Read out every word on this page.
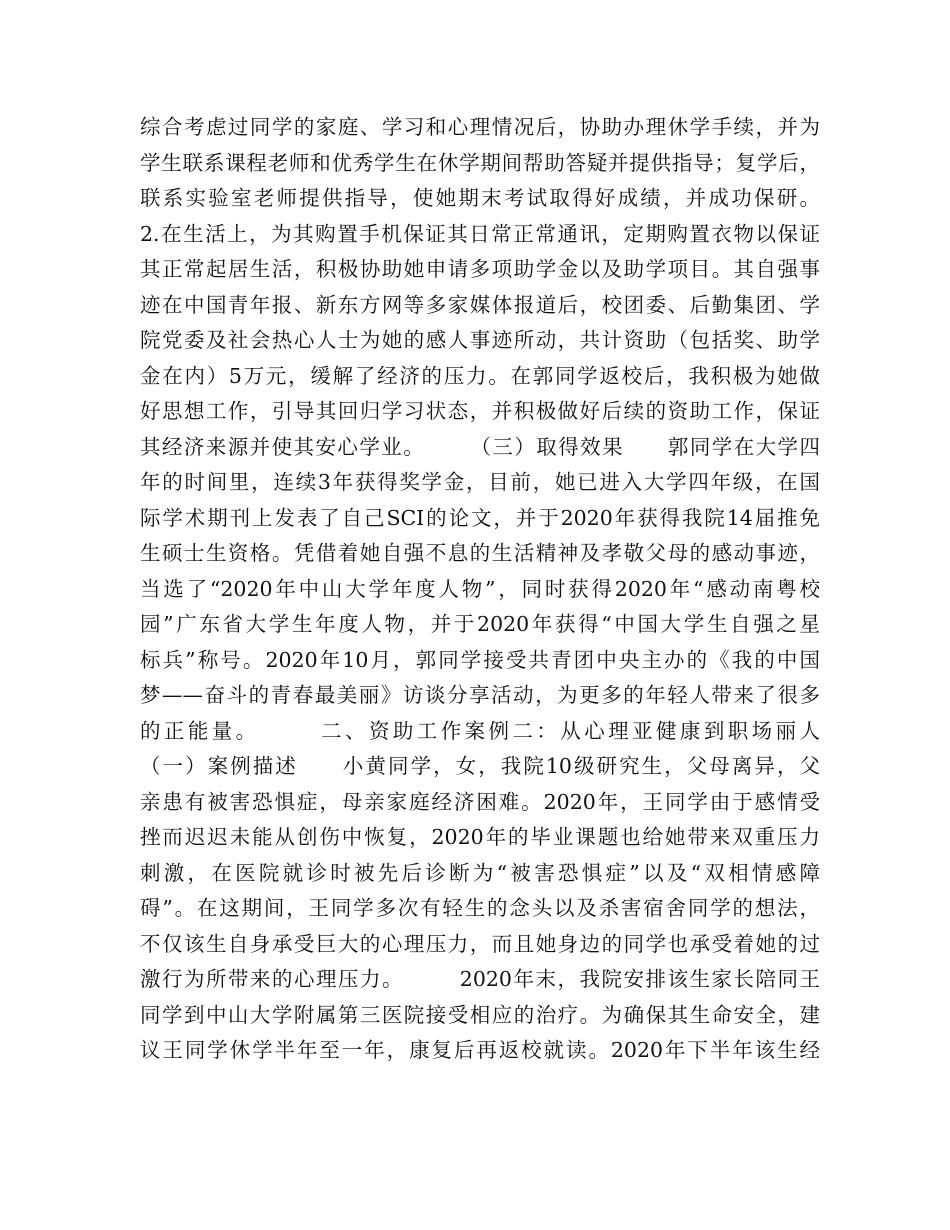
综合考虑过同学的家庭、学习和心理情况后，协助办理休学手续，并为
学生联系课程老师和优秀学生在休学期间帮助答疑并提供指导；复学后，
联系实验室老师提供指导，使她期末考试取得好成绩，并成功保研。
2.在生活上，为其购置手机保证其日常正常通讯，定期购置衣物以保证
其正常起居生活，积极协助她申请多项助学金以及助学项目。其自强事
迹在中国青年报、新东方网等多家媒体报道后，校团委、后勤集团、学
院党委及社会热心人士为她的感人事迹所动，共计资助（包括奖、助学
金在内）5万元，缓解了经济的压力。在郭同学返校后，我积极为她做
好思想工作，引导其回归学习状态，并积极做好后续的资助工作，保证
其经济来源并使其安心学业。　　　（三）取得效果　　郭同学在大学四
年的时间里，连续3年获得奖学金，目前，她已进入大学四年级，在国
际学术期刊上发表了自己SCI的论文，并于2020年获得我院14届推免
生硕士生资格。凭借着她自强不息的生活精神及孝敬父母的感动事迹，
当选了“2020年中山大学年度人物”，同时获得2020年“感动南粤校
园”广东省大学生年度人物，并于2020年获得“中国大学生自强之星
标兵”称号。2020年10月，郭同学接受共青团中央主办的《我的中国
梦——奋斗的青春最美丽》访谈分享活动，为更多的年轻人带来了很多
的正能量。　　　二、资助工作案例二：从心理亚健康到职场丽人
（一）案例描述　　小黄同学，女，我院10级研究生，父母离异，父
亲患有被害恐惧症，母亲家庭经济困难。2020年，王同学由于感情受
挫而迟迟未能从创伤中恢复，2020年的毕业课题也给她带来双重压力
刺激，在医院就诊时被先后诊断为“被害恐惧症”以及“双相情感障
碍”。在这期间，王同学多次有轻生的念头以及杀害宿舍同学的想法，
不仅该生自身承受巨大的心理压力，而且她身边的同学也承受着她的过
激行为所带来的心理压力。　　　2020年末，我院安排该生家长陪同王
同学到中山大学附属第三医院接受相应的治疗。为确保其生命安全，建
议王同学休学半年至一年，康复后再返校就读。2020年下半年该生经
